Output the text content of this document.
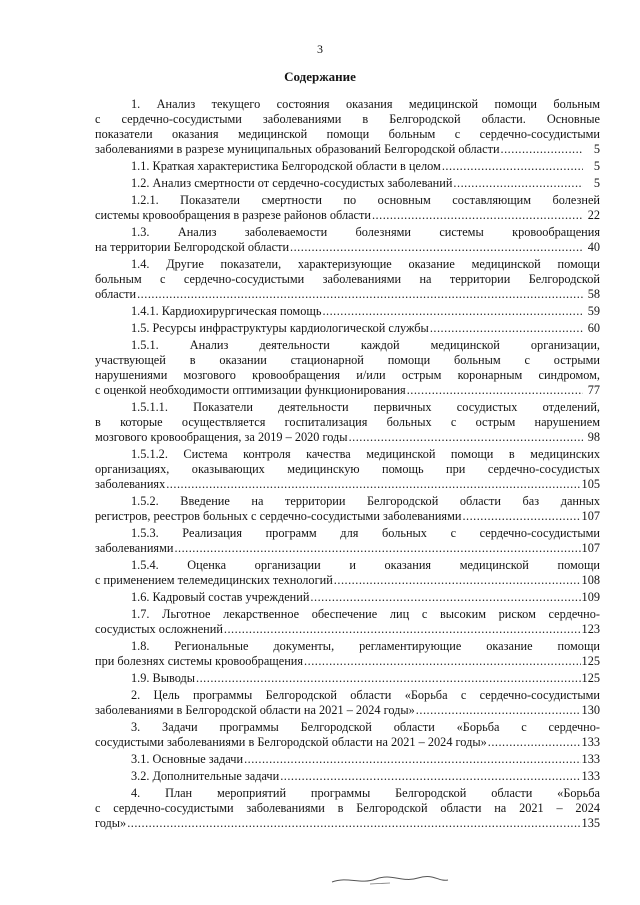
3
Содержание
1. Анализ текущего состояния оказания медицинской помощи больным
с сердечно-сосудистыми заболеваниями в Белгородской области. Основные
показатели оказания медицинской помощи больным с сердечно-сосудистыми
заболеваниями в разрезе муниципальных образований Белгородской области .....	5
1.1. Краткая характеристика Белгородской области в целом .....	5
1.2. Анализ смертности от сердечно-сосудистых заболеваний .....	5
1.2.1. Показатели смертности по основным составляющим болезней
системы кровообращения в разрезе районов области .....	22
1.3. Анализ заболеваемости болезнями системы кровообращения
на территории Белгородской области .....	40
1.4. Другие показатели, характеризующие оказание медицинской помощи
больным с сердечно-сосудистыми заболеваниями на территории Белгородской
области .....	58
1.4.1. Кардиохирургическая помощь .....	59
1.5. Ресурсы инфраструктуры кардиологической службы .....	60
1.5.1. Анализ деятельности каждой медицинской организации,
участвующей в оказании стационарной помощи больным с острыми
нарушениями мозгового кровообращения и/или острым коронарным синдромом,
с оценкой необходимости оптимизации функционирования .....	77
1.5.1.1. Показатели деятельности первичных сосудистых отделений,
в которые осуществляется госпитализация больных с острым нарушением
мозгового кровообращения, за 2019 – 2020 годы .....	98
1.5.1.2. Система контроля качества медицинской помощи в медицинских
организациях, оказывающих медицинскую помощь при сердечно-сосудистых
заболеваниях .....	105
1.5.2. Введение на территории Белгородской области баз данных
регистров, реестров больных с сердечно-сосудистыми заболеваниями .....	107
1.5.3. Реализация программ для больных с сердечно-сосудистыми
заболеваниями .....	107
1.5.4. Оценка организации и оказания медицинской помощи
с применением телемедицинских технологий .....	108
1.6. Кадровый состав учреждений .....	109
1.7. Льготное лекарственное обеспечение лиц с высоким риском сердечно-
сосудистых осложнений .....	123
1.8. Региональные документы, регламентирующие оказание помощи
при болезнях системы кровообращения .....	125
1.9. Выводы .....	125
2. Цель программы Белгородской области «Борьба с сердечно-сосудистыми
заболеваниями в Белгородской области на 2021 – 2024 годы» .....	130
3. Задачи программы Белгородской области «Борьба с сердечно-
сосудистыми заболеваниями в Белгородской области на 2021 – 2024 годы» .....	133
3.1. Основные задачи .....	133
3.2. Дополнительные задачи .....	133
4. План мероприятий программы Белгородской области «Борьба
с сердечно-сосудистыми заболеваниями в Белгородской области на 2021 – 2024
годы» .....	135
